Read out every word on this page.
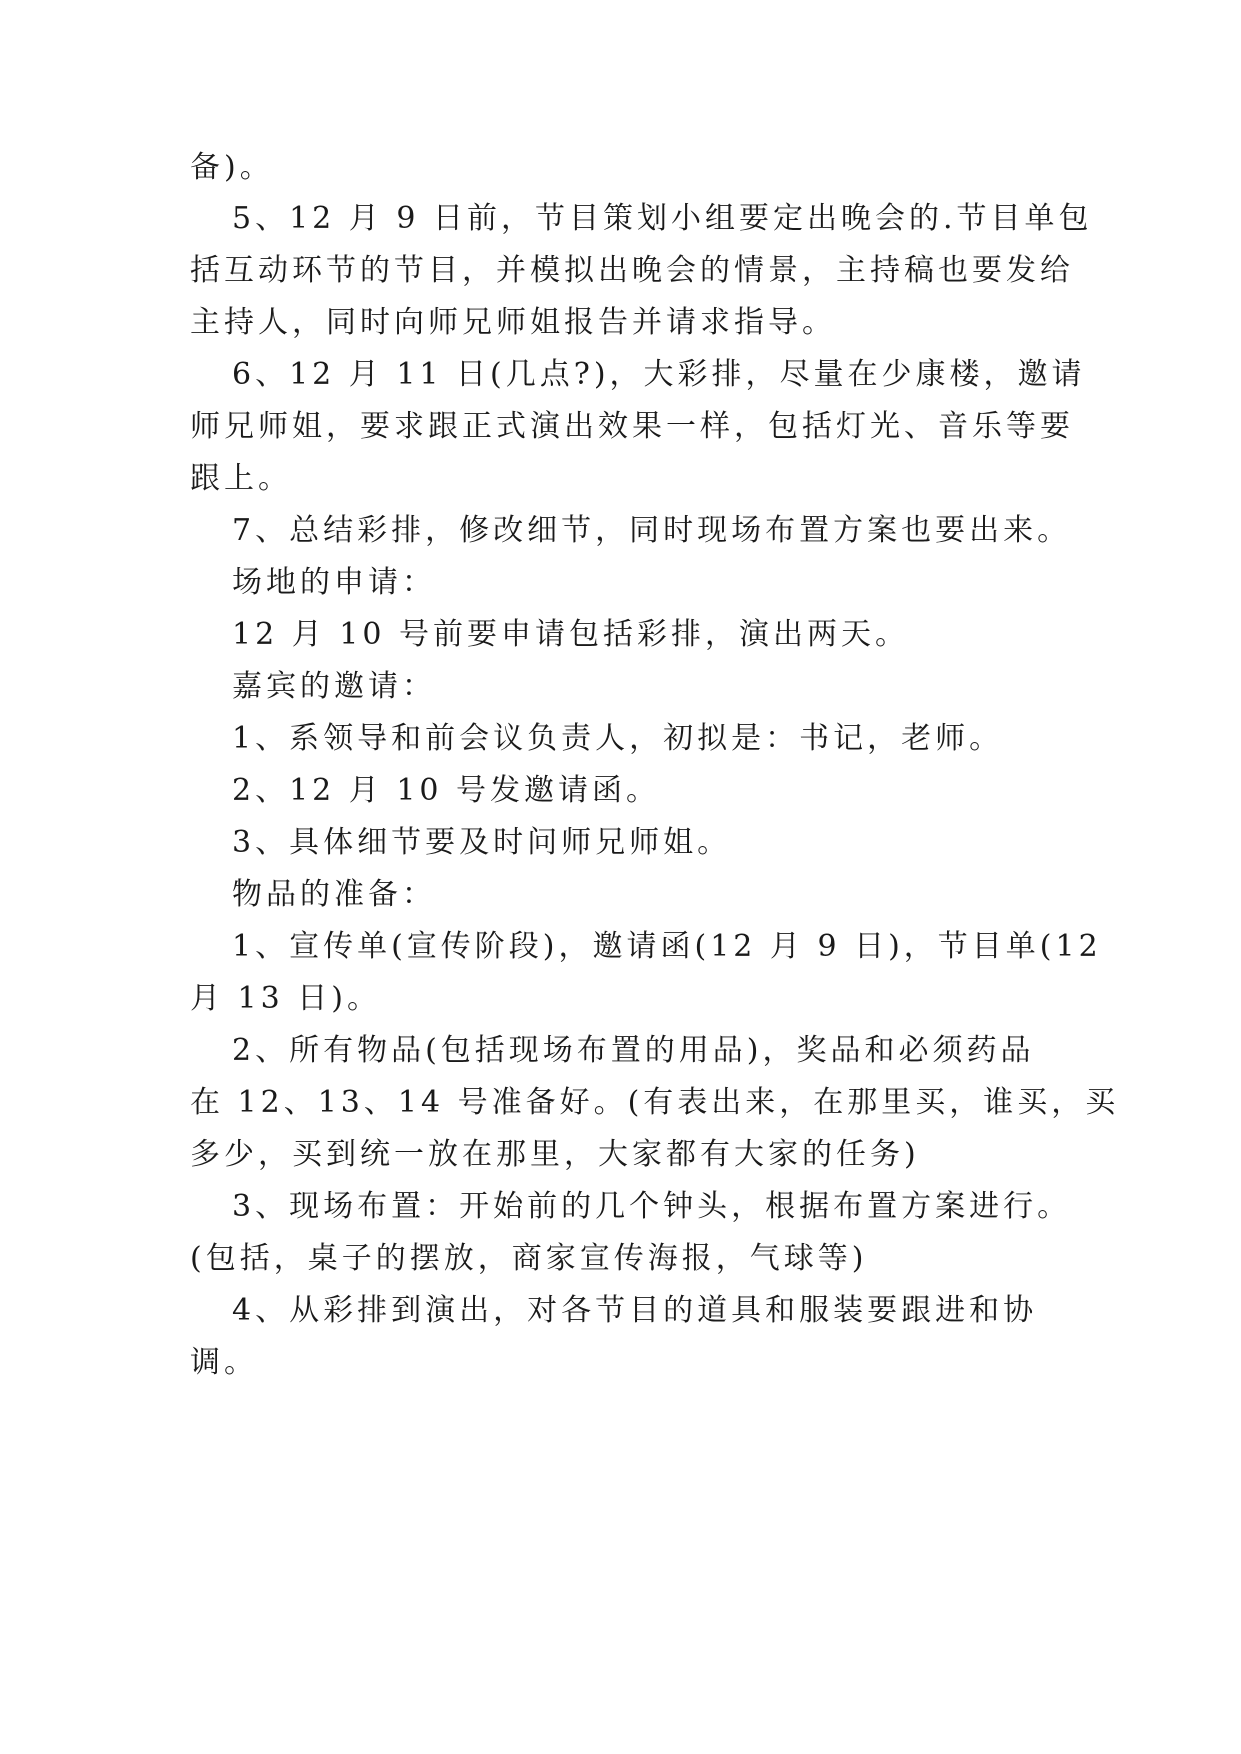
备)。
5、12 月 9 日前，节目策划小组要定出晚会的.节目单包
括互动环节的节目，并模拟出晚会的情景，主持稿也要发给
主持人，同时向师兄师姐报告并请求指导。
6、12 月 11 日(几点?)，大彩排，尽量在少康楼，邀请
师兄师姐，要求跟正式演出效果一样，包括灯光、音乐等要
跟上。
7、总结彩排，修改细节，同时现场布置方案也要出来。
场地的申请：
12 月 10 号前要申请包括彩排，演出两天。
嘉宾的邀请：
1、系领导和前会议负责人，初拟是：书记，老师。
2、12 月 10 号发邀请函。
3、具体细节要及时问师兄师姐。
物品的准备：
1、宣传单(宣传阶段)，邀请函(12 月 9 日)，节目单(12
月 13 日)。
2、所有物品(包括现场布置的用品)，奖品和必须药品
在 12、13、14 号准备好。(有表出来，在那里买，谁买，买
多少，买到统一放在那里，大家都有大家的任务)
3、现场布置：开始前的几个钟头，根据布置方案进行。
(包括，桌子的摆放，商家宣传海报，气球等)
4、从彩排到演出，对各节目的道具和服装要跟进和协
调。
